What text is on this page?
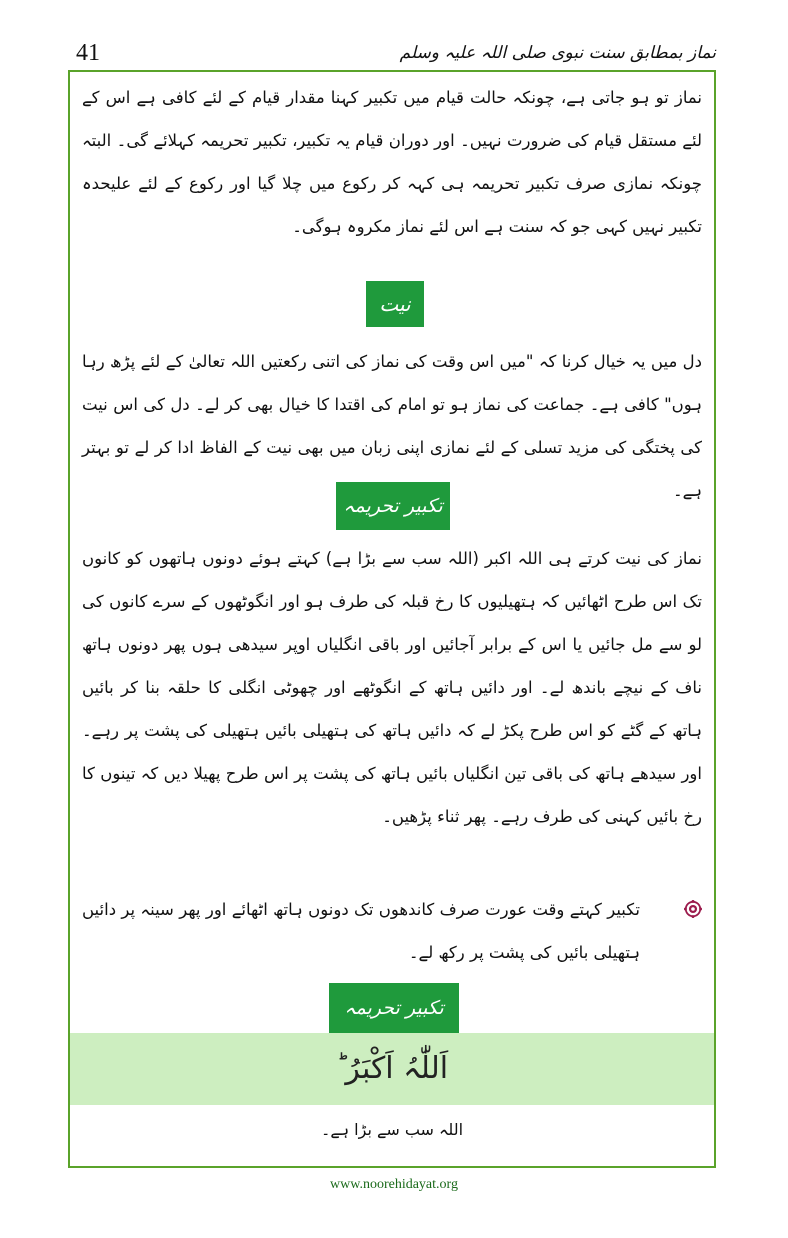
41	نماز بمطابق سنت نبوی صلی اللہ علیہ وسلم
نماز تو ہو جاتی ہے، چونکہ حالت قیام میں تکبیر کہنا مقدار قیام کے لئے کافی ہے اس کے لئے مستقل قیام کی ضرورت نہیں۔ اور دوران قیام یہ تکبیر، تکبیر تحریمہ کہلائے گی۔ البتہ چونکہ نمازی صرف تکبیر تحریمہ ہی کہہ کر رکوع میں چلا گیا اور رکوع کے لئے علیحدہ تکبیر نہیں کہی جو کہ سنت ہے اس لئے نماز مکروہ ہوگی۔
نیت
دل میں یہ خیال کرنا کہ "میں اس وقت کی نماز کی اتنی رکعتیں اللہ تعالیٰ کے لئے پڑھ رہا ہوں" کافی ہے۔ جماعت کی نماز ہو تو امام کی اقتدا کا خیال بھی کر لے۔ دل کی اس نیت کی پختگی کی مزید تسلی کے لئے نمازی اپنی زبان میں بھی نیت کے الفاظ ادا کر لے تو بہتر ہے۔
تکبیر تحریمہ
نماز کی نیت کرتے ہی اللہ اکبر (اللہ سب سے بڑا ہے) کہتے ہوئے دونوں ہاتھوں کو کانوں تک اس طرح اٹھائیں کہ ہتھیلیوں کا رخ قبلہ کی طرف ہو اور انگوٹھوں کے سرے کانوں کی لو سے مل جائیں یا اس کے برابر آجائیں اور باقی انگلیاں اوپر سیدھی ہوں پھر دونوں ہاتھ ناف کے نیچے باندھ لے۔ اور دائیں ہاتھ کے انگوٹھے اور چھوٹی انگلی کا حلقہ بنا کر بائیں ہاتھ کے گٹے کو اس طرح پکڑ لے کہ دائیں ہاتھ کی ہتھیلی بائیں ہتھیلی کی پشت پر رہے۔ اور سیدھے ہاتھ کی باقی تین انگلیاں بائیں ہاتھ کی پشت پر اس طرح پھیلا دیں کہ تینوں کا رخ بائیں کہنی کی طرف رہے۔ پھر ثناء پڑھیں۔
تکبیر کہتے وقت عورت صرف کاندھوں تک دونوں ہاتھ اٹھائے اور پھر سینہ پر دائیں ہتھیلی بائیں کی پشت پر رکھ لے۔
تکبیر تحریمہ
اَللّٰہُ اَکْبَرُ ؕ
اللہ سب سے بڑا ہے۔
www.noorehidayat.org
